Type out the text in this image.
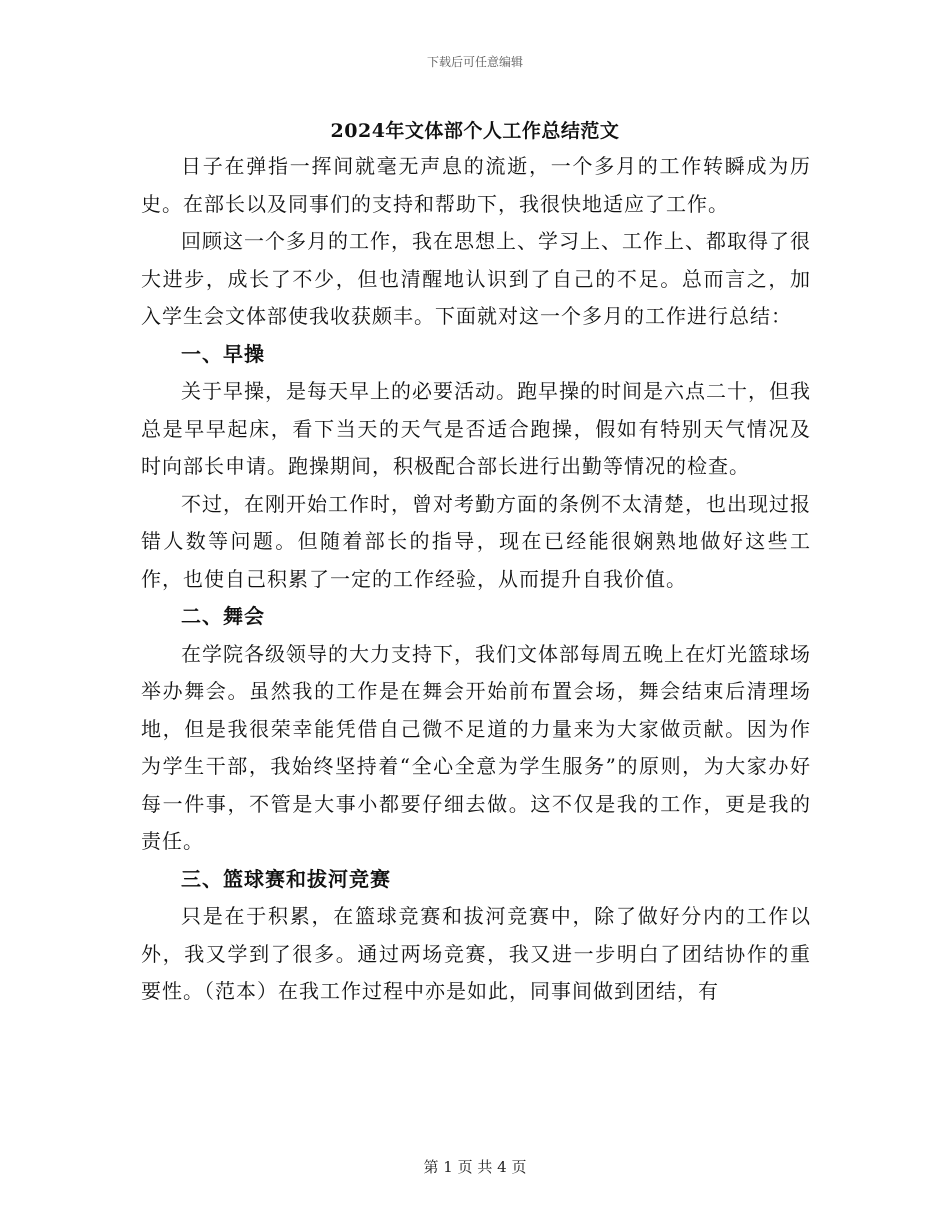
下载后可任意编辑
2024年文体部个人工作总结范文

日子在弹指一挥间就毫无声息的流逝，一个多月的工作转瞬成为历史。在部长以及同事们的支持和帮助下，我很快地适应了工作。

回顾这一个多月的工作，我在思想上、学习上、工作上、都取得了很大进步，成长了不少，但也清醒地认识到了自己的不足。总而言之，加入学生会文体部使我收获颇丰。下面就对这一个多月的工作进行总结：

一、早操

关于早操，是每天早上的必要活动。跑早操的时间是六点二十，但我总是早早起床，看下当天的天气是否适合跑操，假如有特别天气情况及时向部长申请。跑操期间，积极配合部长进行出勤等情况的检查。

不过，在刚开始工作时，曾对考勤方面的条例不太清楚，也出现过报错人数等问题。但随着部长的指导，现在已经能很娴熟地做好这些工作，也使自己积累了一定的工作经验，从而提升自我价值。

二、舞会

在学院各级领导的大力支持下，我们文体部每周五晚上在灯光篮球场举办舞会。虽然我的工作是在舞会开始前布置会场，舞会结束后清理场地，但是我很荣幸能凭借自己微不足道的力量来为大家做贡献。因为作为学生干部，我始终坚持着“全心全意为学生服务”的原则，为大家办好每一件事，不管是大事小都要仔细去做。这不仅是我的工作，更是我的责任。

三、篮球赛和拔河竞赛

只是在于积累，在篮球竞赛和拔河竞赛中，除了做好分内的工作以外，我又学到了很多。通过两场竞赛，我又进一步明白了团结协作的重要性。（范本）在我工作过程中亦是如此，同事间做到团结，有

第 1 页 共 4 页
